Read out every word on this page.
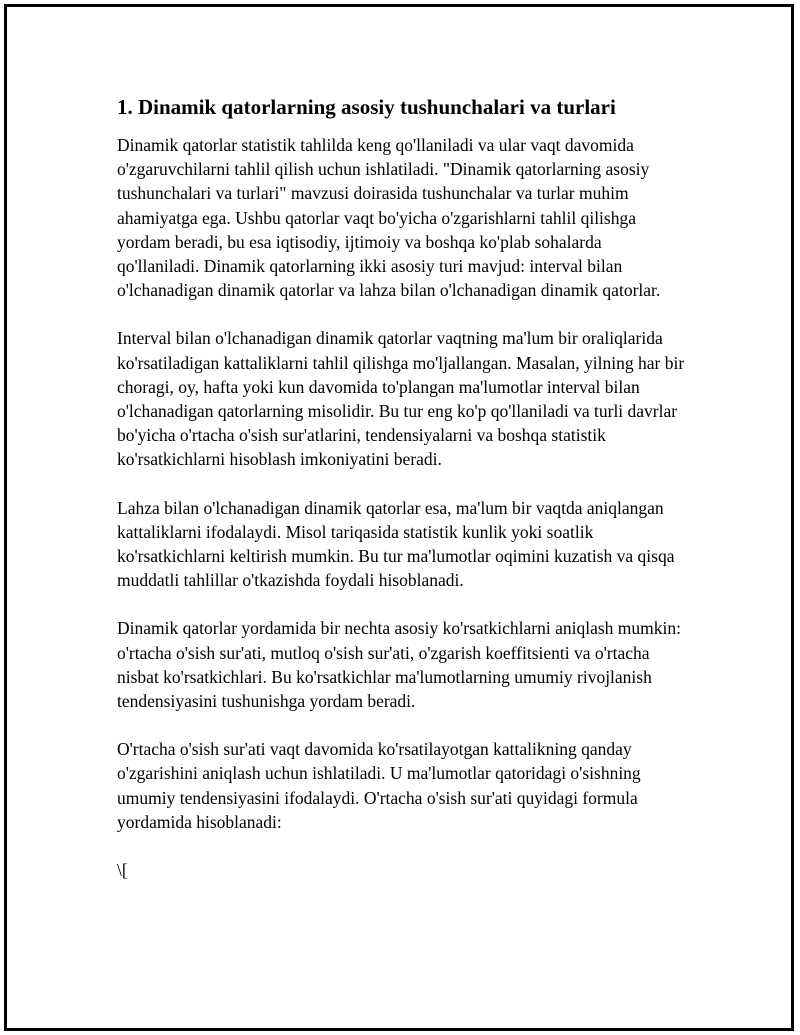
1. Dinamik qatorlarning asosiy tushunchalari va turlari

Dinamik qatorlar statistik tahlilda keng qo'llaniladi va ular vaqt davomida o'zgaruvchilarni tahlil qilish uchun ishlatiladi. "Dinamik qatorlarning asosiy tushunchalari va turlari" mavzusi doirasida tushunchalar va turlar muhim ahamiyatga ega. Ushbu qatorlar vaqt bo'yicha o'zgarishlarni tahlil qilishga yordam beradi, bu esa iqtisodiy, ijtimoiy va boshqa ko'plab sohalarda qo'llaniladi. Dinamik qatorlarning ikki asosiy turi mavjud: interval bilan o'lchanadigan dinamik qatorlar va lahza bilan o'lchanadigan dinamik qatorlar.

Interval bilan o'lchanadigan dinamik qatorlar vaqtning ma'lum bir oraliqlarida ko'rsatiladigan kattaliklarni tahlil qilishga mo'ljallangan. Masalan, yilning har bir choragi, oy, hafta yoki kun davomida to'plangan ma'lumotlar interval bilan o'lchanadigan qatorlarning misolidir. Bu tur eng ko'p qo'llaniladi va turli davrlar bo'yicha o'rtacha o'sish sur'atlarini, tendensiyalarni va boshqa statistik ko'rsatkichlarni hisoblash imkoniyatini beradi.

Lahza bilan o'lchanadigan dinamik qatorlar esa, ma'lum bir vaqtda aniqlangan kattaliklarni ifodalaydi. Misol tariqasida statistik kunlik yoki soatlik ko'rsatkichlarni keltirish mumkin. Bu tur ma'lumotlar oqimini kuzatish va qisqa muddatli tahlillar o'tkazishda foydali hisoblanadi.

Dinamik qatorlar yordamida bir nechta asosiy ko'rsatkichlarni aniqlash mumkin: o'rtacha o'sish sur'ati, mutloq o'sish sur'ati, o'zgarish koeffitsienti va o'rtacha nisbat ko'rsatkichlari. Bu ko'rsatkichlar ma'lumotlarning umumiy rivojlanish tendensiyasini tushunishga yordam beradi.

O'rtacha o'sish sur'ati vaqt davomida ko'rsatilayotgan kattalikning qanday o'zgarishini aniqlash uchun ishlatiladi. U ma'lumotlar qatoridagi o'sishning umumiy tendensiyasini ifodalaydi. O'rtacha o'sish sur'ati quyidagi formula yordamida hisoblanadi:

\[
